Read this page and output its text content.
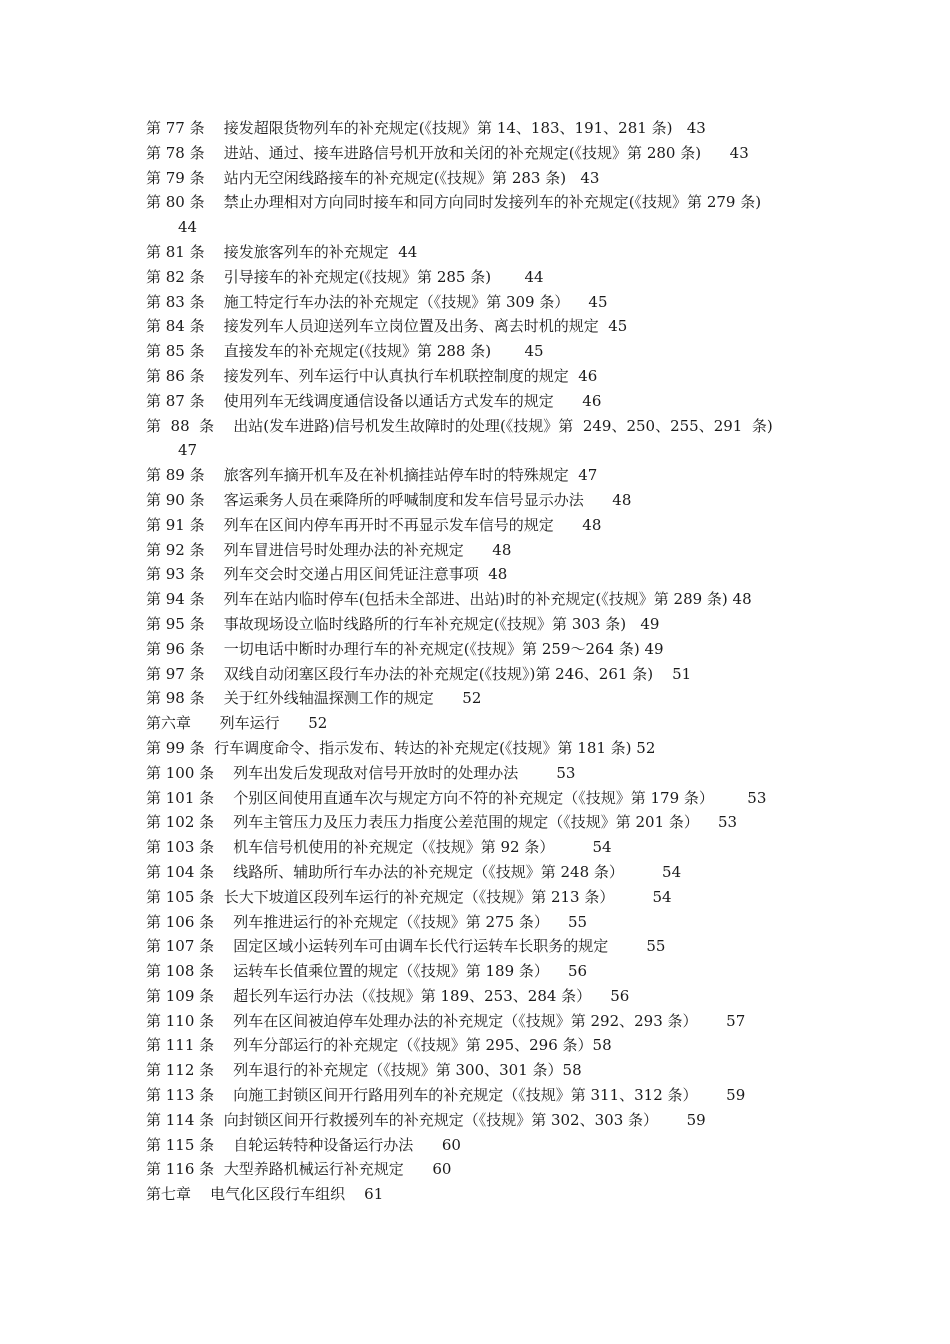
第 77 条    接发超限货物列车的补充规定(《技规》第 14、183、191、281 条)   43
第 78 条    进站、通过、接车进路信号机开放和关闭的补充规定(《技规》第 280 条)      43
第 79 条    站内无空闲线路接车的补充规定(《技规》第 283 条)   43
第 80 条    禁止办理相对方向同时接车和同方向同时发接列车的补充规定(《技规》第 279 条)
44
第 81 条    接发旅客列车的补充规定  44
第 82 条    引导接车的补充规定(《技规》第 285 条)       44
第 83 条    施工特定行车办法的补充规定（《技规》第 309 条）    45
第 84 条    接发列车人员迎送列车立岗位置及出务、离去时机的规定  45
第 85 条    直接发车的补充规定(《技规》第 288 条)       45
第 86 条    接发列车、列车运行中认真执行车机联控制度的规定  46
第 87 条    使用列车无线调度通信设备以通话方式发车的规定      46
第  88  条    出站(发车进路)信号机发生故障时的处理(《技规》第  249、250、255、291  条)
47
第 89 条    旅客列车摘开机车及在补机摘挂站停车时的特殊规定  47
第 90 条    客运乘务人员在乘降所的呼喊制度和发车信号显示办法      48
第 91 条    列车在区间内停车再开时不再显示发车信号的规定      48
第 92 条    列车冒进信号时处理办法的补充规定      48
第 93 条    列车交会时交递占用区间凭证注意事项  48
第 94 条    列车在站内临时停车(包括未全部进、出站)时的补充规定(《技规》第 289 条) 48
第 95 条    事故现场设立临时线路所的行车补充规定(《技规》第 303 条)   49
第 96 条    一切电话中断时办理行车的补充规定(《技规》第 259～264 条) 49
第 97 条    双线自动闭塞区段行车办法的补充规定(《技规》)第 246、261 条)    51
第 98 条    关于红外线轴温探测工作的规定      52
第六章      列车运行      52
第 99 条  行车调度命令、指示发布、转达的补充规定(《技规》第 181 条) 52
第 100 条    列车出发后发现敌对信号开放时的处理办法        53
第 101 条    个别区间使用直通车次与规定方向不符的补充规定（《技规》第 179 条）       53
第 102 条    列车主管压力及压力表压力指度公差范围的规定（《技规》第 201 条）    53
第 103 条    机车信号机使用的补充规定（《技规》第 92 条）        54
第 104 条    线路所、辅助所行车办法的补充规定（《技规》第 248 条）        54
第 105 条  长大下坡道区段列车运行的补充规定（《技规》第 213 条）        54
第 106 条    列车推进运行的补充规定（《技规》第 275 条）    55
第 107 条    固定区域小运转列车可由调车长代行运转车长职务的规定        55
第 108 条    运转车长值乘位置的规定（《技规》第 189 条）    56
第 109 条    超长列车运行办法（《技规》第 189、253、284 条）    56
第 110 条    列车在区间被迫停车处理办法的补充规定（《技规》第 292、293 条）      57
第 111 条    列车分部运行的补充规定（《技规》第 295、296 条）58
第 112 条    列车退行的补充规定（《技规》第 300、301 条）58
第 113 条    向施工封锁区间开行路用列车的补充规定（《技规》第 311、312 条）      59
第 114 条  向封锁区间开行救援列车的补充规定（《技规》第 302、303 条）      59
第 115 条    自轮运转特种设备运行办法      60
第 116 条  大型养路机械运行补充规定      60
第七章    电气化区段行车组织    61
